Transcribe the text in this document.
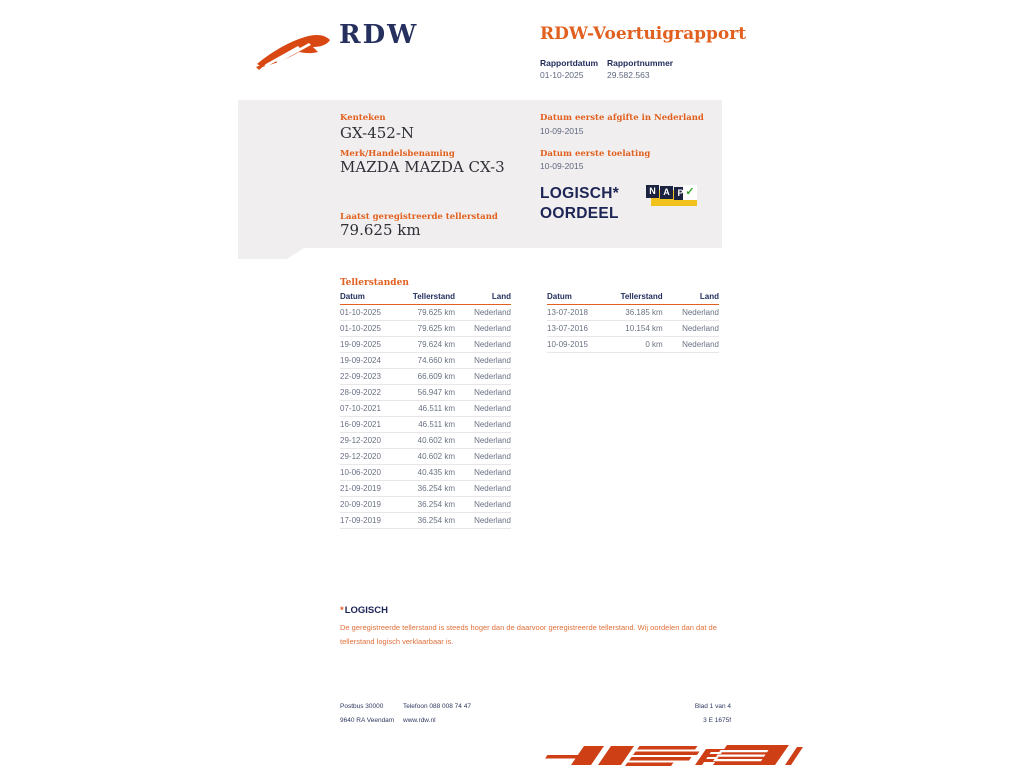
RDW	RDW-Voertuigrapport
Rapportdatum
01-10-2025
Rapportnummer
29.582.563
Kenteken
GX-452-N
Merk/Handelsbenaming
MAZDA MAZDA CX-3
Laatst geregistreerde tellerstand
79.625 km
Datum eerste afgifte in Nederland
10-09-2015
Datum eerste toelating
10-09-2015
LOGISCH*
OORDEEL
N A P ✓
Tellerstanden
Datum	Tellerstand	Land
01-10-2025	79.625 km	Nederland
01-10-2025	79.625 km	Nederland
19-09-2025	79.624 km	Nederland
19-09-2024	74.660 km	Nederland
22-09-2023	66.609 km	Nederland
28-09-2022	56.947 km	Nederland
07-10-2021	46.511 km	Nederland
16-09-2021	46.511 km	Nederland
29-12-2020	40.602 km	Nederland
29-12-2020	40.602 km	Nederland
10-06-2020	40.435 km	Nederland
21-09-2019	36.254 km	Nederland
20-09-2019	36.254 km	Nederland
17-09-2019	36.254 km	Nederland
Datum	Tellerstand	Land
13-07-2018	36.185 km	Nederland
13-07-2016	10.154 km	Nederland
10-09-2015	0 km	Nederland
*LOGISCH
De geregistreerde tellerstand is steeds hoger dan de daarvoor geregistreerde tellerstand. Wij oordelen dan dat de tellerstand logisch verklaarbaar is.
Postbus 30000
9640 RA Veendam
Telefoon 088 008 74 47
www.rdw.nl
Blad 1 van 4
3 E 1675f
